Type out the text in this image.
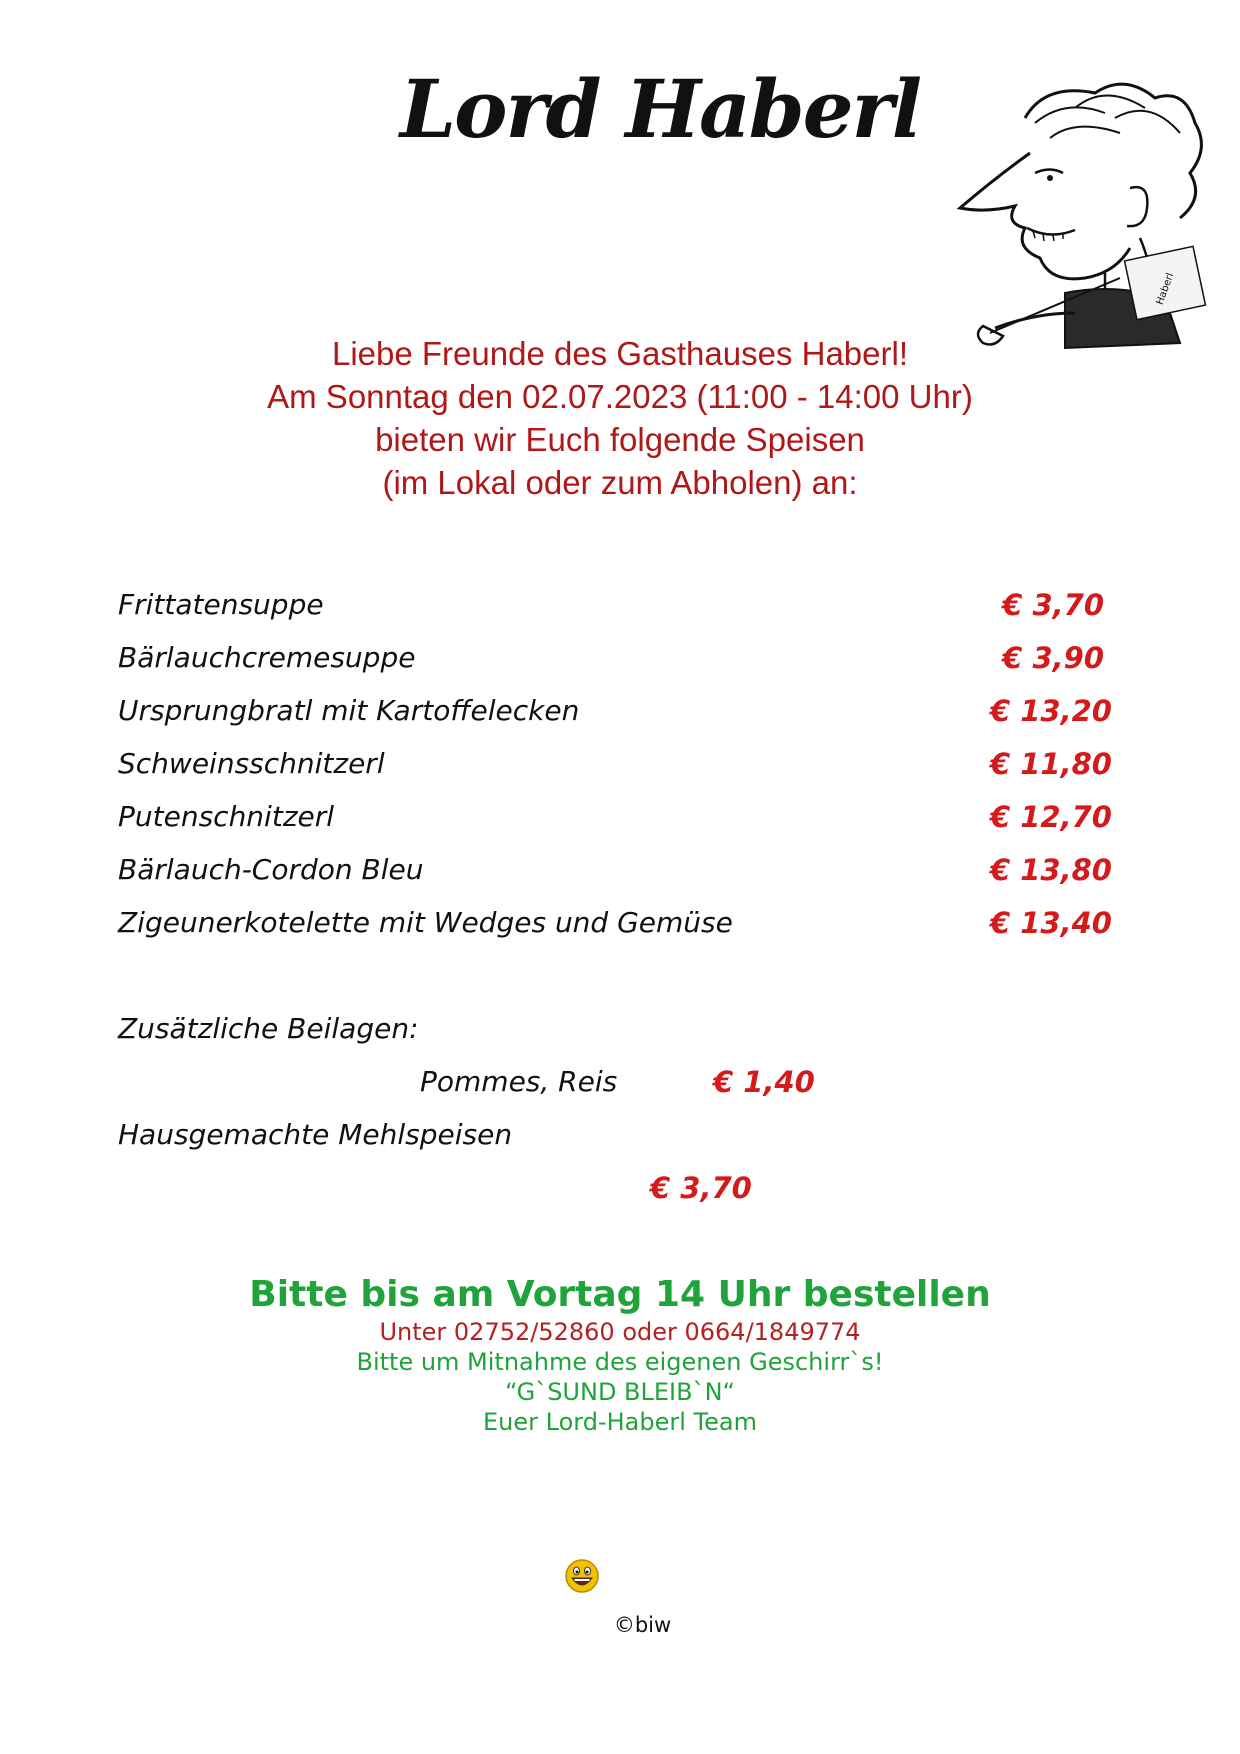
Lord Haberl
Haberl
Liebe Freunde des Gasthauses Haberl!
Am Sonntag den 02.07.2023 (11:00 - 14:00 Uhr)
bieten wir Euch folgende Speisen
(im Lokal oder zum Abholen) an:
Frittatensuppe	€ 3,70
Bärlauchcremesuppe	€ 3,90
Ursprungbratl mit Kartoffelecken	€ 13,20
Schweinsschnitzerl	€ 11,80
Putenschnitzerl	€ 12,70
Bärlauch-Cordon Bleu	€ 13,80
Zigeunerkotelette mit Wedges und Gemüse	€ 13,40
Zusätzliche Beilagen:
Pommes, Reis	€ 1,40
Hausgemachte Mehlspeisen
€ 3,70
Bitte bis am Vortag 14 Uhr bestellen
Unter 02752/52860 oder 0664/1849774
Bitte um Mitnahme des eigenen Geschirr`s!
“G`SUND BLEIB`N“
Euer Lord-Haberl Team
©biw
